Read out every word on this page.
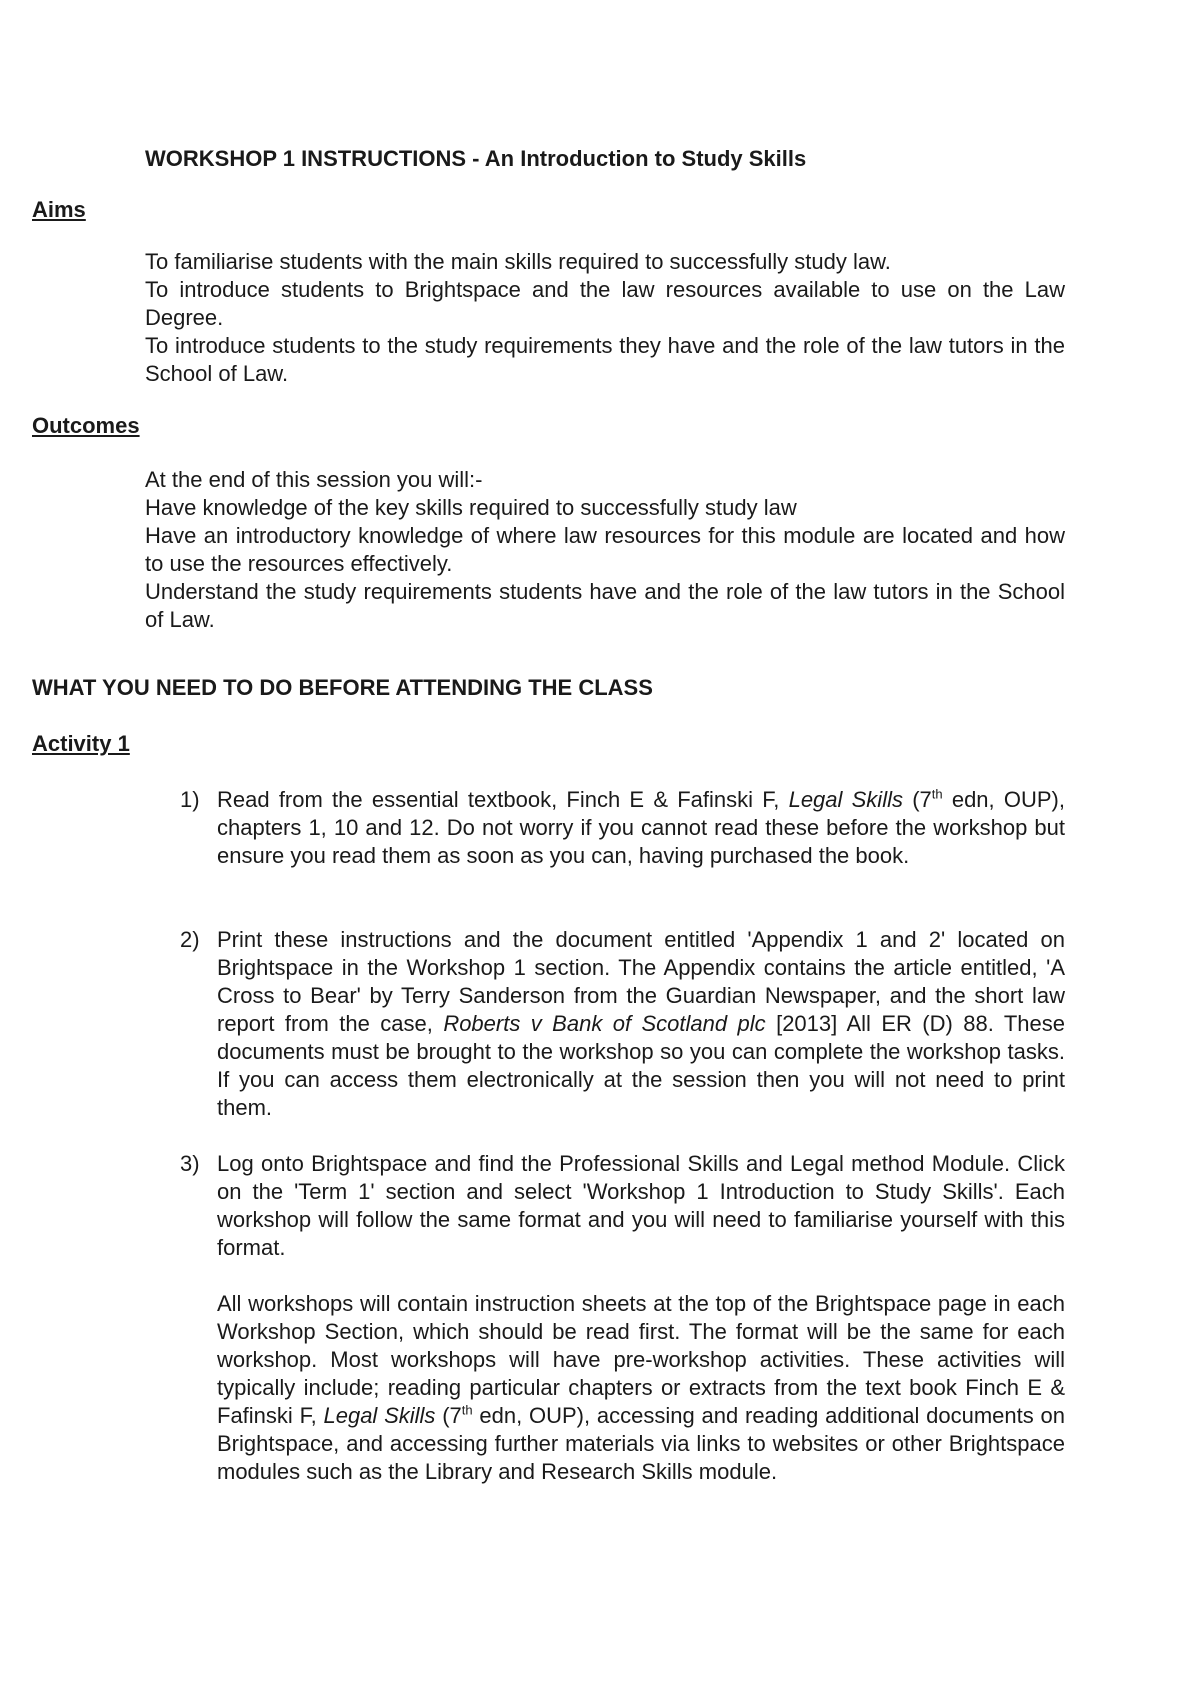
WORKSHOP 1 INSTRUCTIONS - An Introduction to Study Skills
Aims

To familiarise students with the main skills required to successfully study law.

To introduce students to Brightspace and the law resources available to use on the Law Degree.

To introduce students to the study requirements they have and the role of the law tutors in the School of Law.

Outcomes

At the end of this session you will:-

Have knowledge of the key skills required to successfully study law

Have an introductory knowledge of where law resources for this module are located and how to use the resources effectively.

Understand the study requirements students have and the role of the law tutors in the School of Law.

WHAT YOU NEED TO DO BEFORE ATTENDING THE CLASS
Activity 1
1) Read from the essential textbook, Finch E & Fafinski F, Legal Skills (7th edn, OUP), chapters 1, 10 and 12. Do not worry if you cannot read these before the workshop but ensure you read them as soon as you can, having purchased the book.

2) Print these instructions and the document entitled 'Appendix 1 and 2' located on Brightspace in the Workshop 1 section. The Appendix contains the article entitled, 'A Cross to Bear' by Terry Sanderson from the Guardian Newspaper, and the short law report from the case, Roberts v Bank of Scotland plc [2013] All ER (D) 88. These documents must be brought to the workshop so you can complete the workshop tasks. If you can access them electronically at the session then you will not need to print them.

3) Log onto Brightspace and find the Professional Skills and Legal method Module. Click on the 'Term 1' section and select 'Workshop 1 Introduction to Study Skills'. Each workshop will follow the same format and you will need to familiarise yourself with this format.

All workshops will contain instruction sheets at the top of the Brightspace page in each Workshop Section, which should be read first. The format will be the same for each workshop. Most workshops will have pre-workshop activities. These activities will typically include; reading particular chapters or extracts from the text book Finch E & Fafinski F, Legal Skills (7th edn, OUP), accessing and reading additional documents on Brightspace, and accessing further materials via links to websites or other Brightspace modules such as the Library and Research Skills module.
